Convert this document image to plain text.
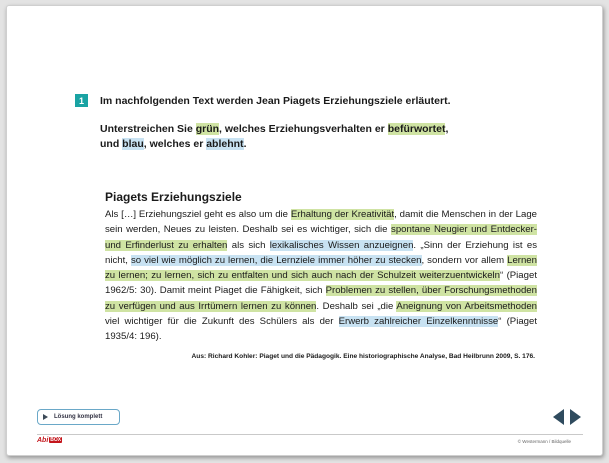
1	Im nachfolgenden Text werden Jean Piagets Erziehungsziele erläutert.
Unterstreichen Sie grün, welches Erziehungsverhalten er befürwortet,
und blau, welches er ablehnt.
Piagets Erziehungsziele

Als […] Erziehungsziel geht es also um die Erhaltung der Kreativität, damit die Menschen in der Lage sein werden, Neues zu leisten. Deshalb sei es wichtiger, sich die spontane Neugier und Entdecker- und Erfinderlust zu erhalten als sich lexikalisches Wissen anzueignen. „Sinn der Erziehung ist es nicht, so viel wie möglich zu lernen, die Lernziele immer höher zu stecken, sondern vor allem Lernen zu lernen; zu lernen, sich zu entfalten und sich auch nach der Schulzeit weiterzuentwickeln“ (Piaget 1962/5: 30). Damit meint Piaget die Fähigkeit, sich Problemen zu stellen, über Forschungsmethoden zu verfügen und aus Irrtümern lernen zu können. Deshalb sei „die Aneignung von Arbeitsmethoden viel wichtiger für die Zukunft des Schülers als der Erwerb zahlreicher Einzelkenntnisse“ (Piaget 1935/4: 196).

Aus: Richard Kohler: Piaget und die Pädagogik. Eine historiographische Analyse, Bad Heilbrunn 2009, S. 176.
Lösung komplett
Abi BOX	© Westermann / Bildquelle
